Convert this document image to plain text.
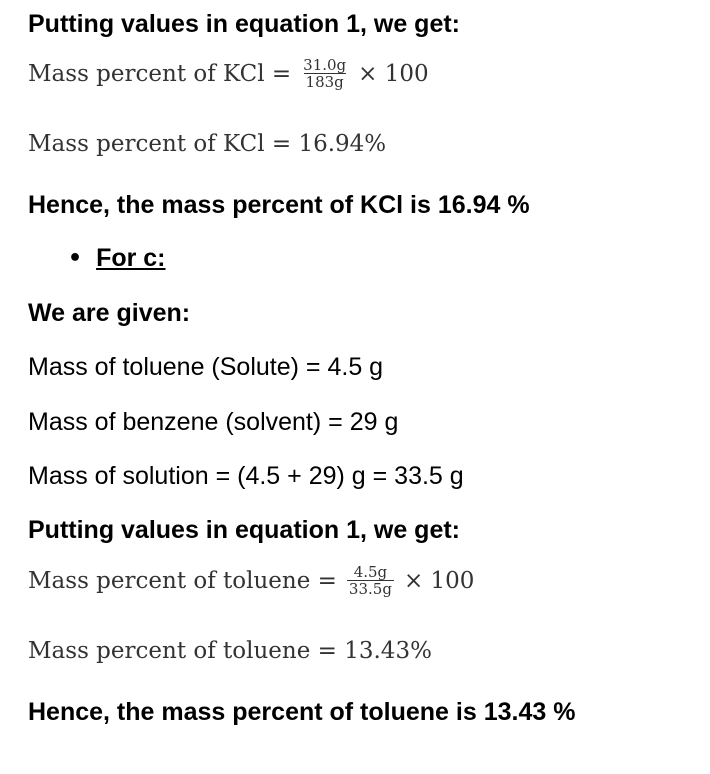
Putting values in equation 1, we get:
Mass percent of KCl = $\frac{31.0g}{183g} \times 100$
Mass percent of KCl = 16.94%
Hence, the mass percent of KCl is 16.94 %
• For c:
We are given:
Mass of toluene (Solute) = 4.5 g
Mass of benzene (solvent) = 29 g
Mass of solution = (4.5 + 29) g = 33.5 g
Putting values in equation 1, we get:
Mass percent of toluene = $\frac{4.5g}{33.5g} \times 100$
Mass percent of toluene = 13.43%
Hence, the mass percent of toluene is 13.43 %
